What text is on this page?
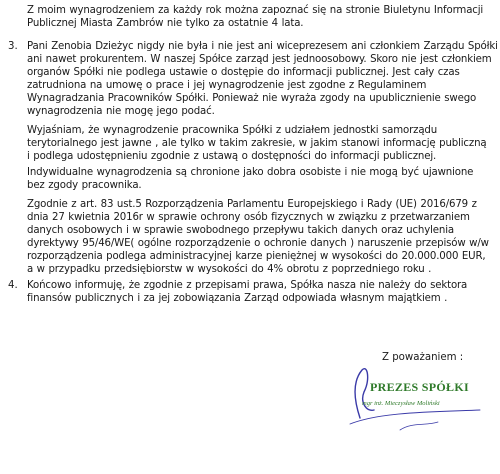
Z moim wynagrodzeniem za każdy rok można zapoznać się na stronie Biuletynu Informacji
Publicznej Miasta Zambrów nie tylko za ostatnie 4 lata.
3. Pani Zenobia Dzieżyc nigdy nie była i nie jest ani wiceprezesem ani członkiem Zarządu Spółki
ani nawet prokurentem. W naszej Spółce zarząd jest jednoosobowy. Skoro nie jest członkiem
organów Spółki nie podlega ustawie o dostępie do informacji publicznej. Jest cały czas
zatrudniona na umowę o prace i jej wynagrodzenie jest zgodne z Regulaminem
Wynagradzania Pracowników Spółki. Ponieważ nie wyraża zgody na upublicznienie swego
wynagrodzenia nie mogę jego podać.
Wyjaśniam, że wynagrodzenie pracownika Spółki z udziałem jednostki samorządu
terytorialnego jest jawne , ale tylko w takim zakresie, w jakim stanowi informację publiczną
i podlega udostępnieniu zgodnie z ustawą o dostępności do informacji publicznej.
Indywidualne wynagrodzenia są chronione jako dobra osobiste i nie mogą być ujawnione
bez zgody pracownika.
Zgodnie z art. 83 ust.5 Rozporządzenia Parlamentu Europejskiego i Rady (UE) 2016/679 z
dnia 27 kwietnia 2016r w sprawie ochrony osób fizycznych w związku z przetwarzaniem
danych osobowych i w sprawie swobodnego przepływu takich danych oraz uchylenia
dyrektywy 95/46/WE( ogólne rozporządzenie o ochronie danych ) naruszenie przepisów w/w
rozporządzenia podlega administracyjnej karze pieniężnej w wysokości do 20.000.000 EUR,
a w przypadku przedsiębiorstw w wysokości do 4% obrotu z poprzedniego roku .
4. Końcowo informuję, że zgodnie z przepisami prawa, Spółka nasza nie należy do sektora
finansów publicznych i za jej zobowiązania Zarząd odpowiada własnym majątkiem .
Z poważaniem :
PREZES SPÓŁKI
mgr inż. Mieczysław Moliński
